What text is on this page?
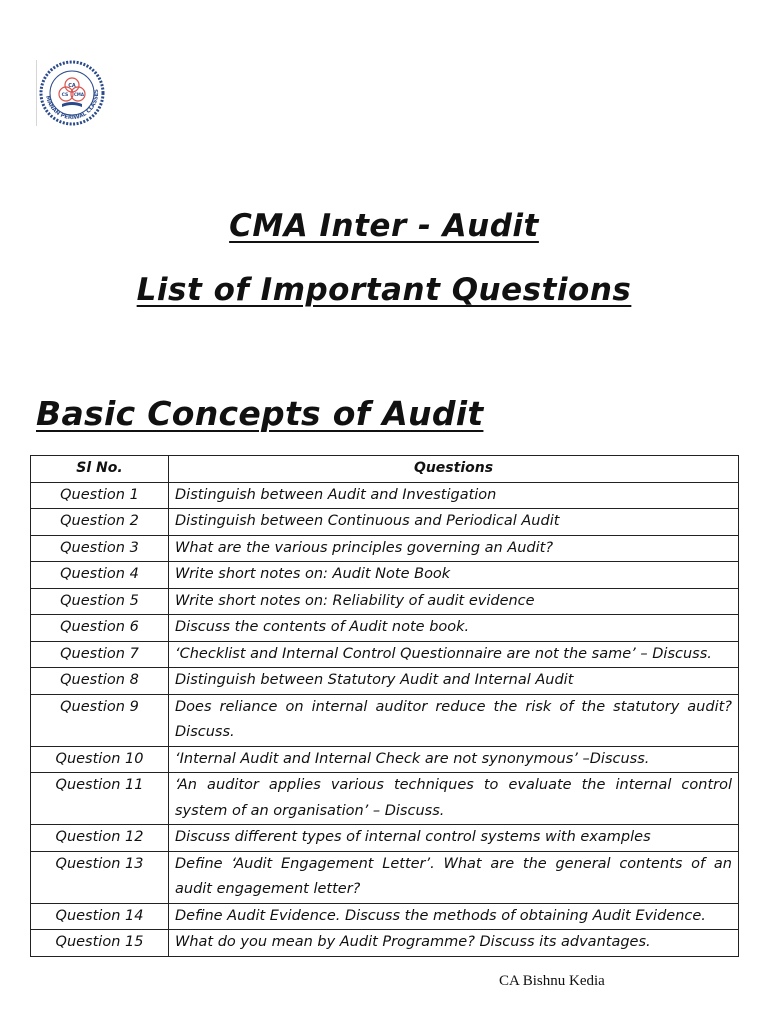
MANAN PERIWAL CLASSES
CA
CS CMA
CMA Inter - Audit
List of Important Questions
Basic Concepts of Audit
Sl No.	Questions
Question 1	Distinguish between Audit and Investigation
Question 2	Distinguish between Continuous and Periodical Audit
Question 3	What are the various principles governing an Audit?
Question 4	Write short notes on: Audit Note Book
Question 5	Write short notes on: Reliability of audit evidence
Question 6	Discuss the contents of Audit note book.
Question 7	‘Checklist and Internal Control Questionnaire are not the same’ – Discuss.
Question 8	Distinguish between Statutory Audit and Internal Audit
Question 9	Does reliance on internal auditor reduce the risk of the statutory audit? Discuss.
Question 10	‘Internal Audit and Internal Check are not synonymous’ –Discuss.
Question 11	‘An auditor applies various techniques to evaluate the internal control system of an organisation’ – Discuss.
Question 12	Discuss different types of internal control systems with examples
Question 13	Define ‘Audit Engagement Letter’. What are the general contents of an audit engagement letter?
Question 14	Define Audit Evidence. Discuss the methods of obtaining Audit Evidence.
Question 15	What do you mean by Audit Programme? Discuss its advantages.
CA Bishnu Kedia
